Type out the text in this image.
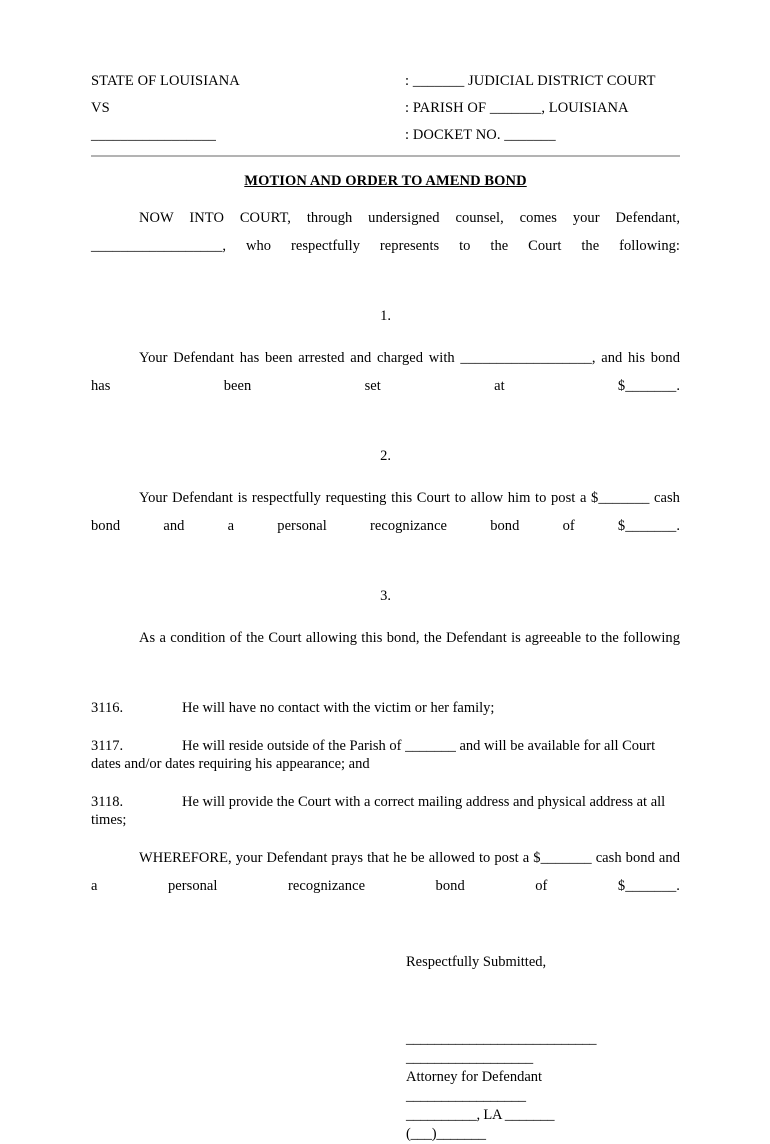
STATE OF LOUISIANA	: _______ JUDICIAL DISTRICT COURT
VS	: PARISH OF _______, LOUISIANA
_________________	: DOCKET NO. _______
MOTION AND ORDER TO AMEND BOND
NOW INTO COURT, through undersigned counsel, comes your Defendant, __________________, who respectfully represents to the Court the following:
1.
Your Defendant has been arrested and charged with __________________, and his bond has been set at $_______.
2.
Your Defendant is respectfully requesting this Court to allow him to post a $_______ cash bond and a personal recognizance bond of $_______.
3.
As a condition of the Court allowing this bond, the Defendant is agreeable to the following
3116.	He will have no contact with the victim or her family;
3117.	He will reside outside of the Parish of _______ and will be available for all Court dates and/or dates requiring his appearance; and
3118.	He will provide the Court with a correct mailing address and physical address at all times;
WHEREFORE, your Defendant prays that he be allowed to post a $_______ cash bond and a personal recognizance bond of $_______.
Respectfully Submitted,
___________________________
__________________
Attorney for Defendant
_________________
__________, LA _______
(___)_______
